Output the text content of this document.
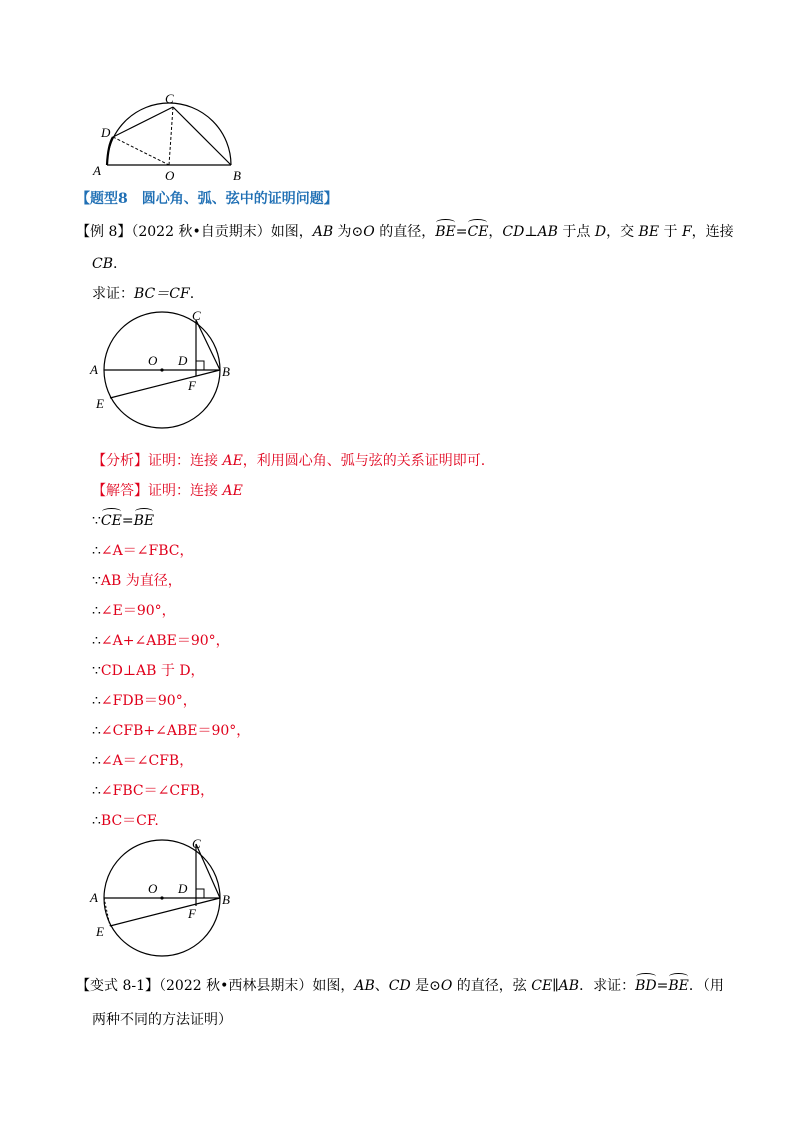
C
D
A	O	B
【题型8　圆心角、弧、弦中的证明问题】
【例 8】（2022 秋•自贡期末）如图，AB 为⊙O 的直径，BE=CE，CD⊥AB 于点 D，交 BE 于 F，连接
CB.
求证：BC＝CF.
C
O D
A	B
F
E
【分析】证明：连接 AE，利用圆心角、弧与弦的关系证明即可.
【解答】证明：连接 AE
∵CE=BE
∴∠A＝∠FBC，
∵AB 为直径，
∴∠E＝90°，
∴∠A+∠ABE＝90°，
∵CD⊥AB 于 D，
∴∠FDB＝90°，
∴∠CFB+∠ABE＝90°，
∴∠A＝∠CFB，
∴∠FBC＝∠CFB，
∴BC＝CF.
C
O D
A	B
F
E
【变式 8-1】（2022 秋•西林县期末）如图，AB、CD 是⊙O 的直径，弦 CE∥AB．求证：BD=BE．（用
两种不同的方法证明）
